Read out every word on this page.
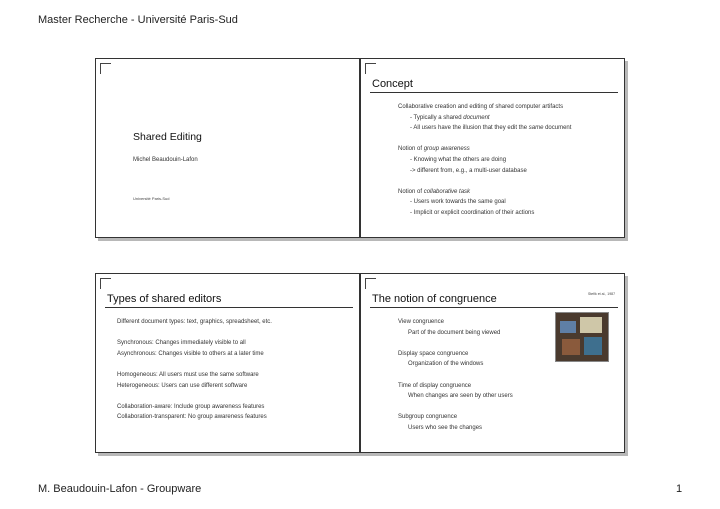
Master Recherche - Université Paris-Sud
Shared Editing
Michel Beaudouin-Lafon
Université Paris-Sud
Concept
Collaborative creation and editing of shared computer artifacts
- Typically a shared document
- All users have the illusion that they edit the same document
Notion of group awareness
- Knowing what the others are doing
-> different from, e.g., a multi-user database
Notion of collaborative task
- Users work towards the same goal
- Implicit or explicit coordination of their actions
Types of shared editors
Different document types: text, graphics, spreadsheet, etc.
Synchronous: Changes immediately visible to all
Asynchronous: Changes visible to others at a later time
Homogeneous: All users must use the same software
Heterogeneous: Users can use different software
Collaboration-aware: Include group awareness features
Collaboration-transparent: No group awareness features
The notion of congruence	Stefik et al., 1987
View congruence
Part of the document being viewed
Display space congruence
Organization of the windows
Time of display congruence
When changes are seen by other users
Subgroup congruence
Users who see the changes
M. Beaudouin-Lafon - Groupware	1
